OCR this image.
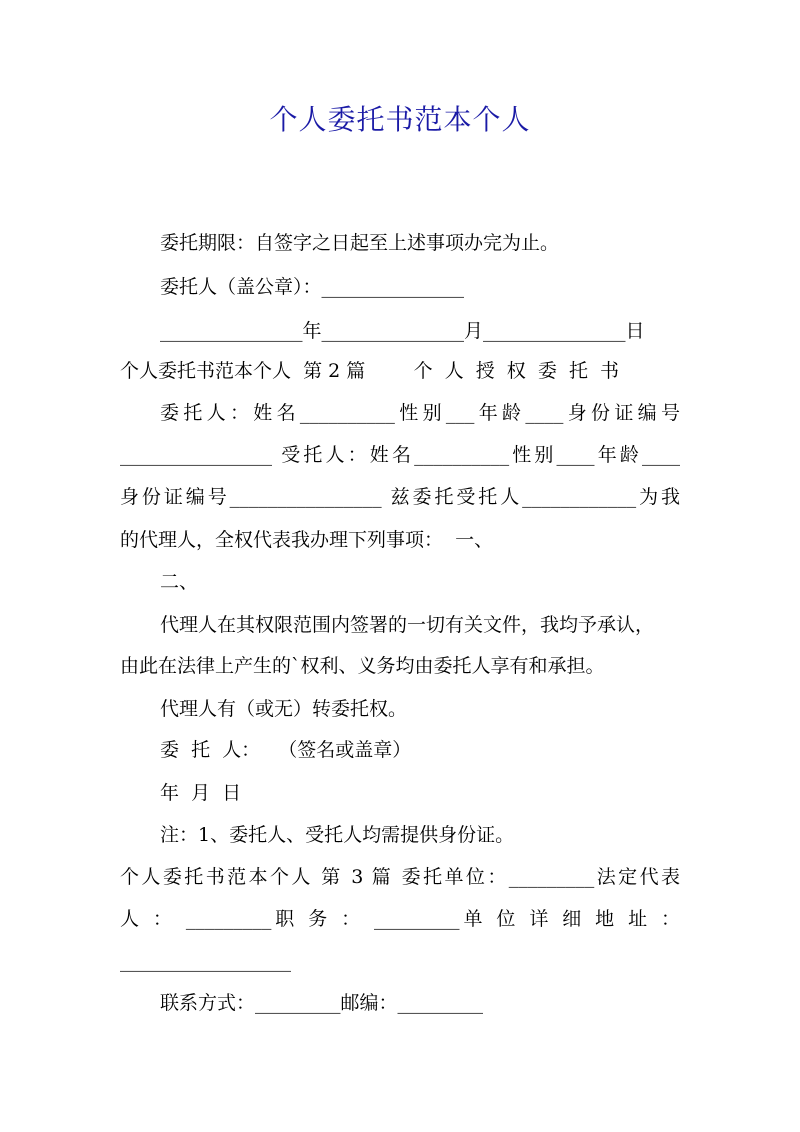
个人委托书范本个人
委托期限：自签字之日起至上述事项办完为止。
委托人（盖公章）：_______________
_______________年_______________月_______________日
个人委托书范本个人  第 2 篇        个  人  授  权  委  托  书
委托人：姓名__________性别___年龄____身份证编号
________________ 受托人：姓名__________性别____年龄____
身份证编号________________ 兹委托受托人____________为我
的代理人，全权代表我办理下列事项：  一、
二、
代理人在其权限范围内签署的一切有关文件，我均予承认，
由此在法律上产生的`权利、义务均由委托人享有和承担。
代理人有（或无）转委托权。
委  托  人：   （签名或盖章）
年  月  日
注：1、委托人、受托人均需提供身份证。
个人委托书范本个人 第 3 篇 委托单位：_________法定代表
人 ： _________职 务 ： _________单 位 详 细 地 址 ：
__________________
联系方式：_________邮编：_________
